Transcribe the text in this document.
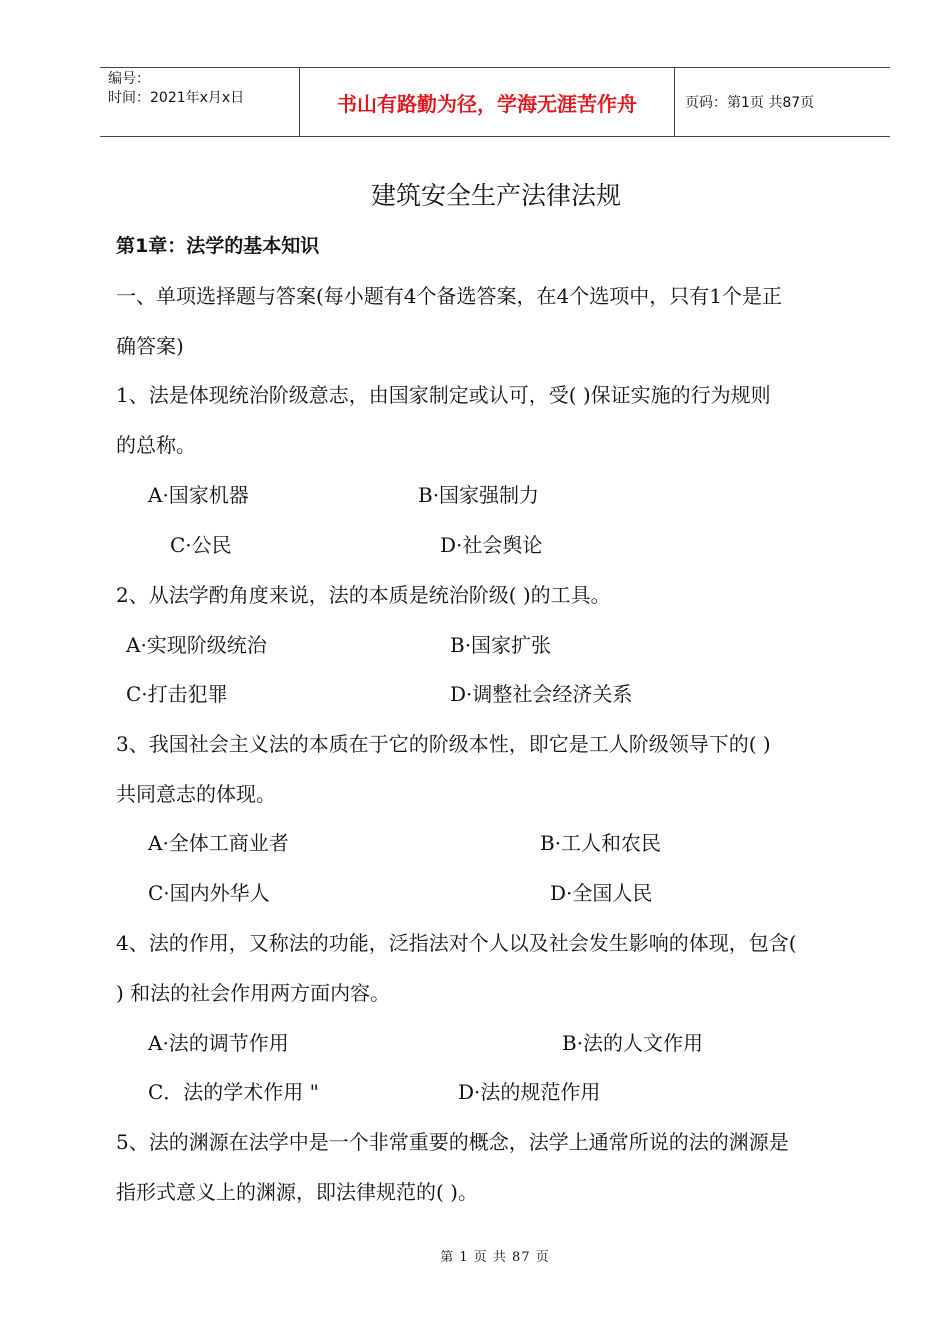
编号：
时间：2021年x月x日	书山有路勤为径，学海无涯苦作舟	页码：第1页 共87页
建筑安全生产法律法规
第1章：法学的基本知识
一、单项选择题与答案(每小题有4个备选答案，在4个选项中，只有1个是正
确答案)
1、法是体现统治阶级意志，由国家制定或认可，受( )保证实施的行为规则
的总称。
A·国家机器	B·国家强制力
C·公民	D·社会舆论
2、从法学酌角度来说，法的本质是统治阶级( )的工具。
A·实现阶级统治	B·国家扩张
C·打击犯罪	D·调整社会经济关系
3、我国社会主义法的本质在于它的阶级本性，即它是工人阶级领导下的( )
共同意志的体现。
A·全体工商业者	B·工人和农民
C·国内外华人	D·全国人民
4、法的作用，又称法的功能，泛指法对个人以及社会发生影响的体现，包含(
) 和法的社会作用两方面内容。
A·法的调节作用	B·法的人文作用
C．法的学术作用 "	D·法的规范作用
5、法的渊源在法学中是一个非常重要的概念，法学上通常所说的法的渊源是
指形式意义上的渊源，即法律规范的( )。
第 1 页 共 87 页
